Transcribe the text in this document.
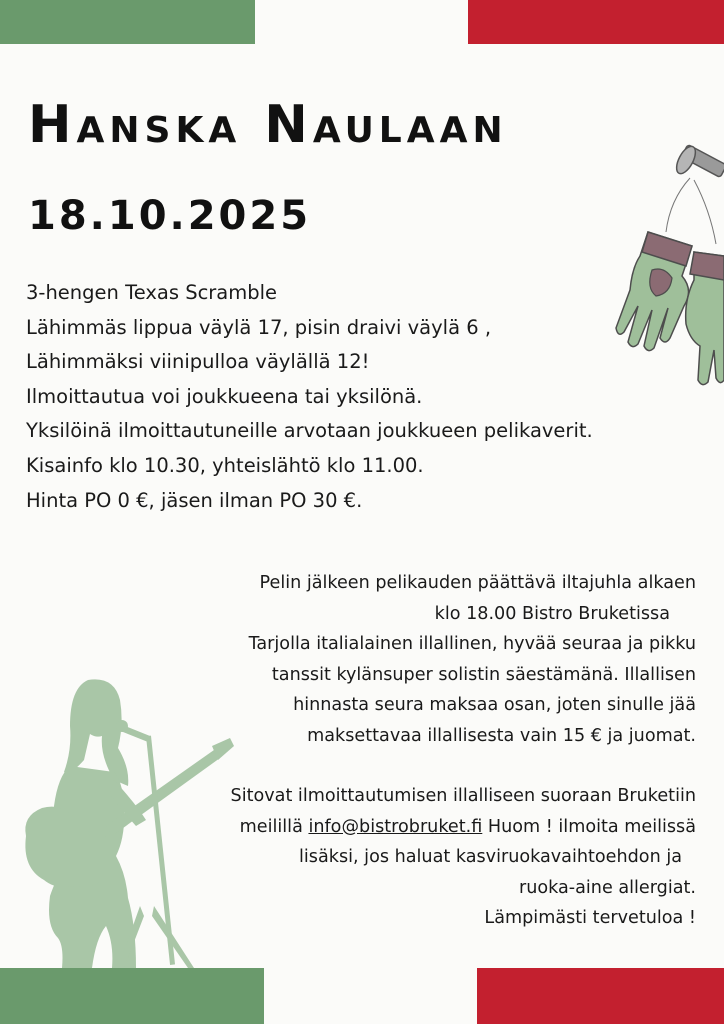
Hanska Naulaan
18.10.2025
3-hengen Texas Scramble
Lähimmäs lippua väylä 17, pisin draivi väylä 6 ,
Lähimmäksi viinipulloa väylällä 12!
Ilmoittautua voi joukkueena tai yksilönä.
Yksilöinä ilmoittautuneille arvotaan joukkueen pelikaverit.
Kisainfo klo 10.30, yhteislähtö klo 11.00.
Hinta PO 0 €, jäsen ilman PO 30 €.
Pelin jälkeen pelikauden päättävä iltajuhla alkaen
klo 18.00 Bistro Bruketissa
Tarjolla italialainen illallinen, hyvää seuraa ja pikku
tanssit kylänsuper solistin säestämänä. Illallisen
hinnasta seura maksaa osan, joten sinulle jää
maksettavaa illallisesta vain 15 € ja juomat.
Sitovat ilmoittautumisen illalliseen suoraan Bruketiin
meilillä info@bistrobruket.fi Huom ! ilmoita meilissä
lisäksi, jos haluat kasviruokavaihtoehdon ja
ruoka-aine allergiat.
Lämpimästi tervetuloa !
